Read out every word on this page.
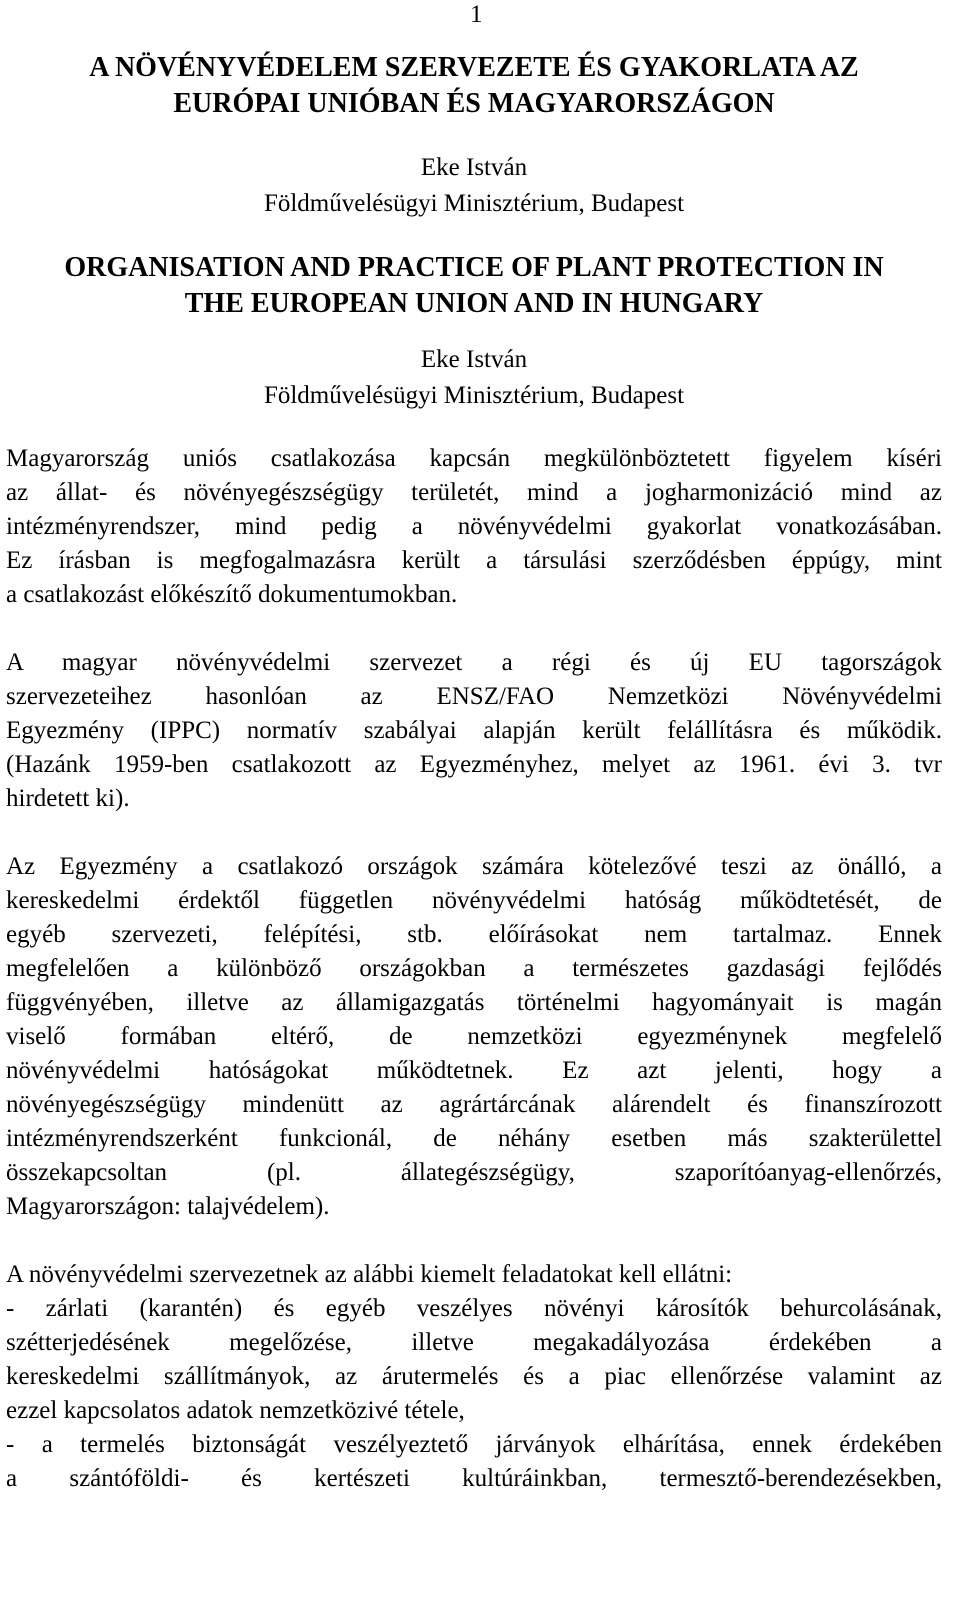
1
A NÖVÉNYVÉDELEM SZERVEZETE ÉS GYAKORLATA AZ
EURÓPAI UNIÓBAN ÉS MAGYARORSZÁGON
Eke István
Földművelésügyi Minisztérium, Budapest
ORGANISATION AND PRACTICE OF PLANT PROTECTION IN
THE EUROPEAN UNION AND IN HUNGARY
Eke István
Földművelésügyi Minisztérium, Budapest
Magyarország uniós csatlakozása kapcsán megkülönböztetett figyelem kíséri
az állat- és növényegészségügy területét, mind a jogharmonizáció mind az
intézményrendszer, mind pedig a növényvédelmi gyakorlat vonatkozásában.
Ez írásban is megfogalmazásra került a társulási szerződésben éppúgy, mint
a csatlakozást előkészítő dokumentumokban.
A magyar növényvédelmi szervezet a régi és új EU tagországok
szervezeteihez hasonlóan az ENSZ/FAO Nemzetközi Növényvédelmi
Egyezmény (IPPC) normatív szabályai alapján került felállításra és működik.
(Hazánk 1959-ben csatlakozott az Egyezményhez, melyet az 1961. évi 3. tvr
hirdetett ki).
Az Egyezmény a csatlakozó országok számára kötelezővé teszi az önálló, a
kereskedelmi érdektől független növényvédelmi hatóság működtetését, de
egyéb szervezeti, felépítési, stb. előírásokat nem tartalmaz. Ennek
megfelelően a különböző országokban a természetes gazdasági fejlődés
függvényében, illetve az államigazgatás történelmi hagyományait is magán
viselő formában eltérő, de nemzetközi egyezménynek megfelelő
növényvédelmi hatóságokat működtetnek. Ez azt jelenti, hogy a
növényegészségügy mindenütt az agrártárcának alárendelt és finanszírozott
intézményrendszerként funkcionál, de néhány esetben más szakterülettel
összekapcsoltan (pl. állategészségügy, szaporítóanyag-ellenőrzés,
Magyarországon: talajvédelem).
A növényvédelmi szervezetnek az alábbi kiemelt feladatokat kell ellátni:
- zárlati (karantén) és egyéb veszélyes növényi károsítók behurcolásának,
szétterjedésének megelőzése, illetve megakadályozása érdekében a
kereskedelmi szállítmányok, az árutermelés és a piac ellenőrzése valamint az
ezzel kapcsolatos adatok nemzetközivé tétele,
- a termelés biztonságát veszélyeztető járványok elhárítása, ennek érdekében
a szántóföldi- és kertészeti kultúráinkban, termesztő-berendezésekben,
